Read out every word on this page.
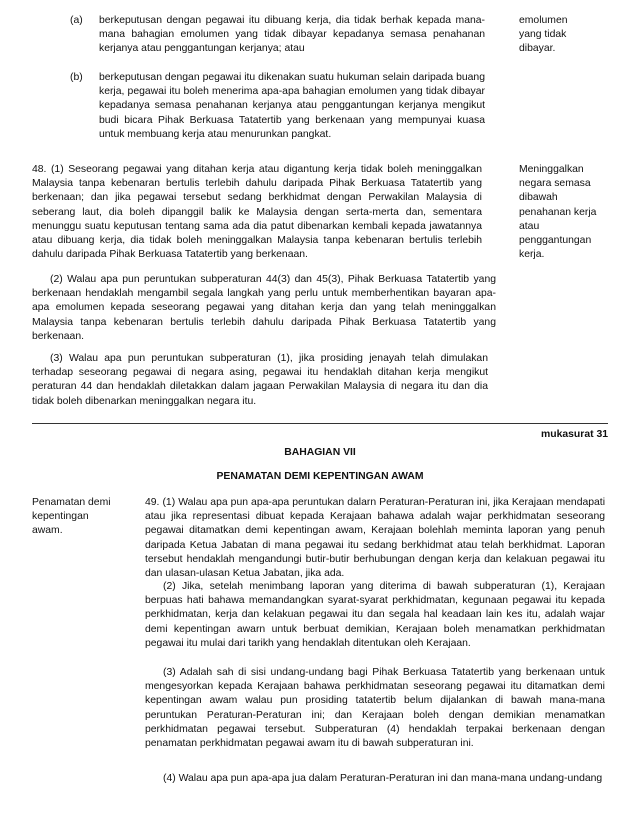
(a) berkeputusan dengan pegawai itu dibuang kerja, dia tidak berhak kepada mana-mana bahagian emolumen yang tidak dibayar kepadanya semasa penahanan kerjanya atau penggantungan kerjanya; atau
(b) berkeputusan dengan pegawai itu dikenakan suatu hukuman selain daripada buang kerja, pegawai itu boleh menerima apa-apa bahagian emolumen yang tidak dibayar kepadanya semasa penahanan kerjanya atau penggantungan kerjanya mengikut budi bicara Pihak Berkuasa Tatatertib yang berkenaan yang mempunyai kuasa untuk membuang kerja atau menurunkan pangkat.
emolumen yang tidak dibayar.
48. (1) Seseorang pegawai yang ditahan kerja atau digantung kerja tidak boleh meninggalkan Malaysia tanpa kebenaran bertulis terlebih dahulu daripada Pihak Berkuasa Tatatertib yang berkenaan; dan jika pegawai tersebut sedang berkhidmat dengan Perwakilan Malaysia di seberang laut, dia boleh dipanggil balik ke Malaysia dengan serta-merta dan, sementara menunggu suatu keputusan tentang sama ada dia patut dibenarkan kembali kepada jawatannya atau dibuang kerja, dia tidak boleh meninggalkan Malaysia tanpa kebenaran bertulis terlebih dahulu daripada Pihak Berkuasa Tatatertib yang berkenaan.
Meninggalkan negara semasa dibawah penahanan kerja atau penggantungan kerja.
(2) Walau apa pun peruntukan subperaturan 44(3) dan 45(3), Pihak Berkuasa Tatatertib yang berkenaan hendaklah mengambil segala langkah yang perlu untuk memberhentikan bayaran apa-apa emolumen kepada seseorang pegawai yang ditahan kerja dan yang telah meninggalkan Malaysia tanpa kebenaran bertulis terlebih dahulu daripada Pihak Berkuasa Tatatertib yang berkenaan.
(3) Walau apa pun peruntukan subperaturan (1), jika prosiding jenayah telah dimulakan terhadap seseorang pegawai di negara asing, pegawai itu hendaklah ditahan kerja mengikut peraturan 44 dan hendaklah diletakkan dalam jagaan Perwakilan Malaysia di negara itu dan dia tidak boleh dibenarkan meninggalkan negara itu.
mukasurat 31
BAHAGIAN VII
PENAMATAN DEMI KEPENTINGAN AWAM
Penamatan demi kepentingan awam.
49. (1) Walau apa pun apa-apa peruntukan dalarn Peraturan-Peraturan ini, jika Kerajaan mendapati atau jika representasi dibuat kepada Kerajaan bahawa adalah wajar perkhidmatan seseorang pegawai ditamatkan demi kepentingan awam, Kerajaan bolehlah meminta laporan yang penuh daripada Ketua Jabatan di mana pegawai itu sedang berkhidmat atau telah berkhidmat. Laporan tersebut hendaklah mengandungi butir-butir berhubungan dengan kerja dan kelakuan pegawai itu dan ulasan-ulasan Ketua Jabatan, jika ada.
(2) Jika, setelah menimbang laporan yang diterima di bawah subperaturan (1), Kerajaan berpuas hati bahawa memandangkan syarat-syarat perkhidmatan, kegunaan pegawai itu kepada perkhidmatan, kerja dan kelakuan pegawai itu dan segala hal keadaan lain kes itu, adalah wajar demi kepentingan awarn untuk berbuat demikian, Kerajaan boleh menamatkan perkhidmatan pegawai itu mulai dari tarikh yang hendaklah ditentukan oleh Kerajaan.
(3) Adalah sah di sisi undang-undang bagi Pihak Berkuasa Tatatertib yang berkenaan untuk mengesyorkan kepada Kerajaan bahawa perkhidmatan seseorang pegawai itu ditamatkan demi kepentingan awam walau pun prosiding tatatertib belum dijalankan di bawah mana-mana peruntukan Peraturan-Peraturan ini; dan Kerajaan boleh dengan demikian menamatkan perkhidmatan pegawai tersebut. Subperaturan (4) hendaklah terpakai berkenaan dengan penamatan perkhidmatan pegawai awam itu di bawah subperaturan ini.
(4) Walau apa pun apa-apa jua dalam Peraturan-Peraturan ini dan mana-mana undang-undang
